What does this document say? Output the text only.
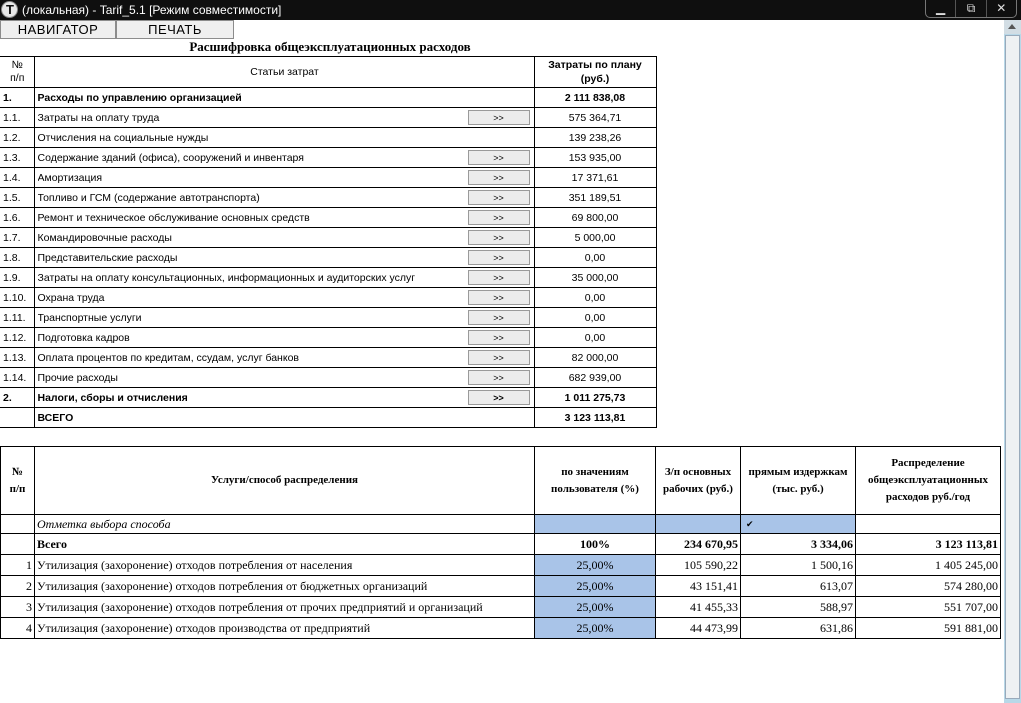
T
(локальная) - Tarif_5.1 [Режим совместимости]	▁	⧉	✕
НАВИГАТОР	ПЕЧАТЬ
Расшифровка общеэксплуатационных расходов
№
п/п	Статьи затрат	Затраты по плану
(руб.)
1.	Расходы по управлению организацией	2 111 838,08
1.1.	Затраты на оплату труда >>	575 364,71
1.2.	Отчисления на социальные нужды	139 238,26
1.3.	Содержание зданий (офиса), сооружений и инвентаря >>	153 935,00
1.4.	Амортизация >>	17 371,61
1.5.	Топливо и ГСМ (содержание автотранспорта) >>	351 189,51
1.6.	Ремонт и техническое обслуживание основных средств >>	69 800,00
1.7.	Командировочные расходы >>	5 000,00
1.8.	Представительские расходы >>	0,00
1.9.	Затраты на оплату консультационных, информационных и аудиторских услуг >>	35 000,00
1.10.	Охрана труда >>	0,00
1.11.	Транспортные услуги >>	0,00
1.12.	Подготовка кадров >>	0,00
1.13.	Оплата процентов по кредитам, ссудам, услуг банков >>	82 000,00
1.14.	Прочие расходы >>	682 939,00
2.	Налоги, сборы и отчисления >>	1 011 275,73
	ВСЕГО	3 123 113,81
№
п/п	Услуги/способ распределения	по значениям пользователя (%)	З/п основных рабочих (руб.)	прямым издержкам (тыс. руб.)	Распределение общеэксплуатационных расходов руб./год
	Отметка выбора способа			✔	
	Всего	100%	234 670,95	3 334,06	3 123 113,81
1	Утилизация (захоронение) отходов потребления от населения	25,00%	105 590,22	1 500,16	1 405 245,00
2	Утилизация (захоронение) отходов потребления от бюджетных организаций	25,00%	43 151,41	613,07	574 280,00
3	Утилизация (захоронение) отходов потребления от прочих предприятий и организаций	25,00%	41 455,33	588,97	551 707,00
4	Утилизация (захоронение) отходов производства от предприятий	25,00%	44 473,99	631,86	591 881,00
